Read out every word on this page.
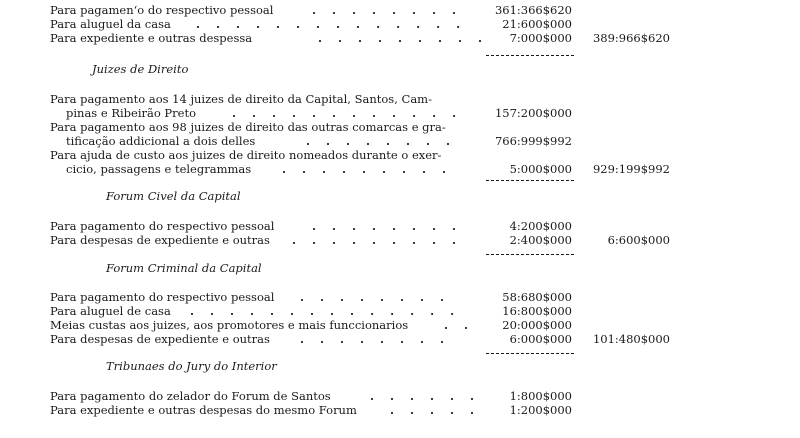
Para pagamen‘o do respectivo pessoal	. . . . . . . .	361:366$620
Para aluguel da casa . . . . . . . . . . . . . .	21:600$000
Para expediente e outras despessa	. . . . . . . . . 7:000$000 389:966$620
Juizes de Direito
Para pagamento aos 14 juizes de direito da Capital, Santos, Cam-
pinas e Ribeirão Preto	. . . . . . . . . . . .	157:200$000
Para pagamento aos 98 juizes de direito das outras comarcas e gra-
tificação addicional a dois delles	. . . . . . . .	766:999$992
Para ajuda de custo aos juizes de direito nomeados durante o exer-
cicio, passagens e telegrammas	. . . . . . . . .	5:000$000 929:199$992
Forum Civel da Capital
Para pagamento do respectivo pessoal	. . . . . . . .	4:200$000
Para despesas de expediente e outras . . . . . . . . .	2:400$000	6:600$000
Forum Criminal da Capital
Para pagamento do respectivo pessoal . . . . . . . .	58:680$000
Para aluguel de casa . . . . . . . . . . . . . .	16:800$000
Meias custas aos juizes, aos promotores e mais funccionarios	. . 20:000$000
Para despesas de expediente e outras	. . . . . . . .	6:000$000 101:480$000
Tribunaes do Jury do Interior
Para pagamento do zelador do Forum de Santos	. . . . . .	1:800$000
Para expediente e outras despesas do mesmo Forum	. . . . .	1:200$000
